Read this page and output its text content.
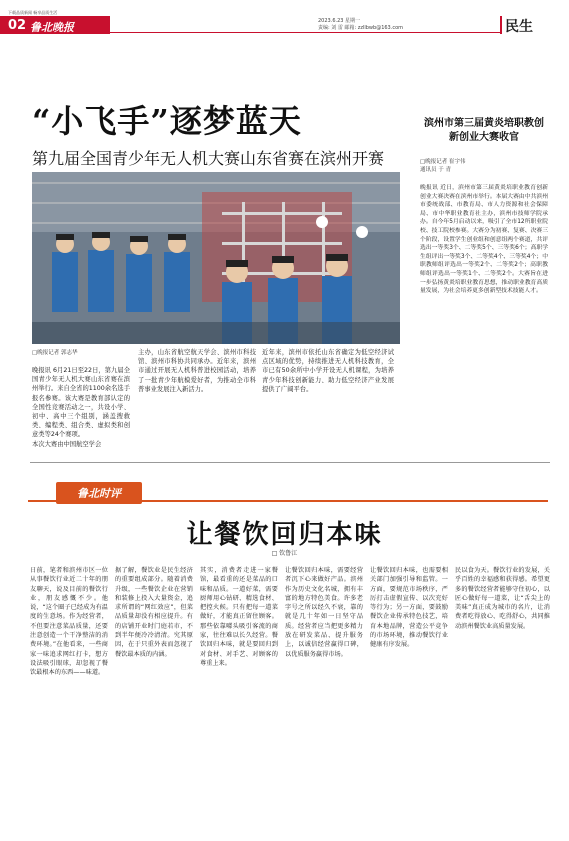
下载品质新闻 畅享品质生活
02 鲁北晚报	2023.6.23 星期一
责编: 刘 雷 邮箱: zzllbwb@163.com	民生
“小飞手”逐梦蓝天
第九届全国青少年无人机大赛山东省赛在滨州开赛
□晚报记者 郭志华

晚报讯 6月21日至22日，第九届全国青少年无人机大赛山东省赛在滨州举行。来自全省的1100余名选手报名参赛。该大赛是教育部认定的全国性竞赛活动之一，共设小学、初中、高中三个组别，涵盖搜救类、编程类、组合类、虚拟类和创意类等24个赛项。

本次大赛由中国航空学会

主办，山东省航空航天学会、滨州市科技馆、滨州市科协共同承办。近年来，滨州市通过开展无人机科普进校园活动，培养了一批青少年航模爱好者，为推动全市科普事业发展注入新活力。
近年来，滨州市依托山东省确定为低空经济试点区域的优势，持续推进无人机科技教育，全市已有50余所中小学开设无人机课程，为培养青少年科技创新能力、助力低空经济产业发展提供了广阔平台。
滨州市第三届黄炎培职教创新创业大赛收官
□晚报记者 崔宇伟
通讯员 于 青
晚报讯 近日，滨州市第三届黄炎培职业教育创新创业大赛决赛在滨州市举行。本届大赛由中共滨州市委统战部、市教育局、市人力资源和社会保障局、市中华职业教育社主办，滨州市技师学院承办。自今年5月启动以来，吸引了全市12所职业院校、技工院校参赛。大赛分为初赛、复赛、决赛三个阶段，设置学生创业组和创意组两个赛道，共评选出一等奖3个、二等奖5个、三等奖6个；高职学生组评出一等奖3个、二等奖4个、三等奖4个；中职教师组评选出一等奖2个、二等奖2个；高职教师组评选出一等奖1个、二等奖2个。大赛旨在进一步弘扬黄炎培职业教育思想，推动职业教育高质量发展，为社会培养更多创新型技术技能人才。
鲁北时评
让餐饮回归本味
□ 钦鲁江
日前，笔者和滨州市区一位从事餐饮行业近二十年的朋友聊天，说及目前的餐饮行业，朋友感慨不少。他说，“这个圈子已经成为有温度的生意场。作为经营者，不但要注意菜品质量，还要注意创造一个干净整洁的消费环境。”在他看来，一些商家一味追求网红打卡，想方设法吸引眼球，却忽视了餐饮最根本的东西——味道。
据了解，餐饮业是民生经济的重要组成部分。随着消费升级，一些餐饮企业在营销和装修上投入大量资金，追求所谓的“网红效应”，但菜品质量却没有相应提升。有的店铺开业时门庭若市，不到半年便冷冷清清。究其原因，在于只重外表而忽视了餐饮最本质的内涵。
其实，消费者走进一家餐馆，最看重的还是菜品的口味和品质。一道好菜，需要厨师用心钻研、精选食材、把控火候。只有把每一道菜做好，才能真正留住顾客。那些依靠噱头吸引客流的商家，往往难以长久经营。餐饮回归本味，就是要回归到对食材、对手艺、对顾客的尊重上来。
让餐饮回归本味，需要经营者沉下心来做好产品。滨州作为历史文化名城，拥有丰富的地方特色美食。许多老字号之所以经久不衰，靠的就是几十年如一日坚守品质。经营者应当把更多精力放在研发菜品、提升服务上，以诚信经营赢得口碑，以优质服务赢得市场。
让餐饮回归本味，也需要相关部门加强引导和监管。一方面，要规范市场秩序，严厉打击虚假宣传、以次充好等行为；另一方面，要鼓励餐饮企业传承特色技艺，培育本地品牌，营造公平竞争的市场环境，推动餐饮行业健康有序发展。
民以食为天。餐饮行业的发展，关乎百姓的幸福感和获得感。希望更多的餐饮经营者能够守住初心，以匠心做好每一道菜，让“舌尖上的美味”真正成为城市的名片，让消费者吃得放心、吃得舒心，共同推动滨州餐饮业高质量发展。
